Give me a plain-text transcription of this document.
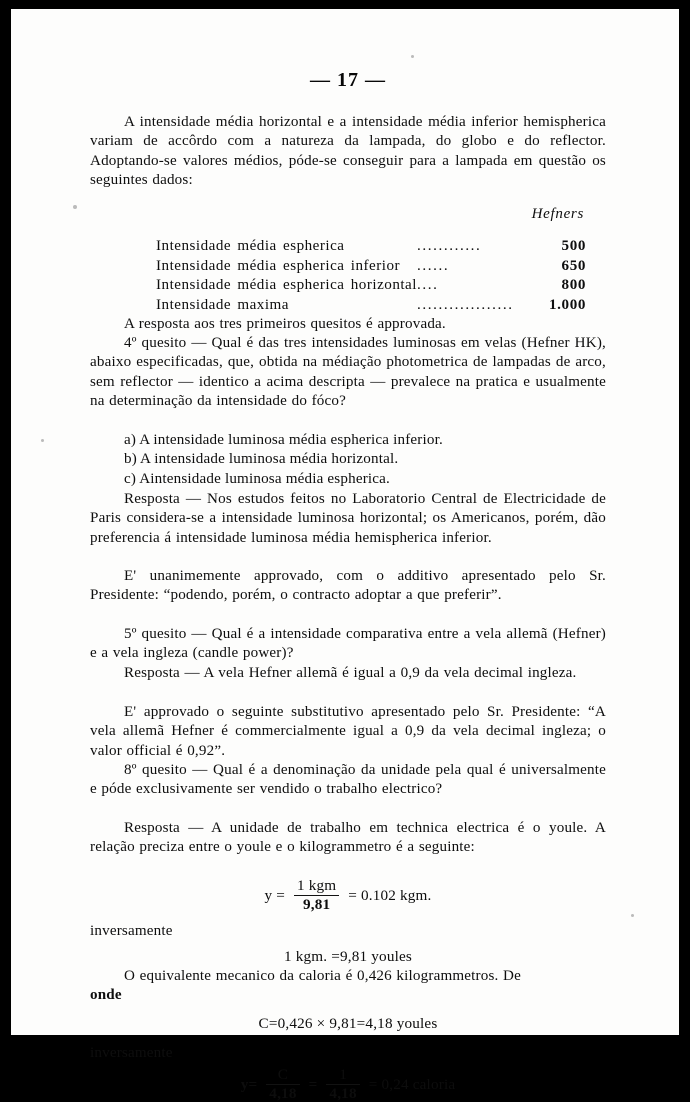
— 17 —

A intensidade média horizontal e a intensidade média inferior hemispherica variam de accôrdo com a natureza da lampada, do globo e do reflector. Adoptando-se valores médios, póde-se conseguir para a lampada em questão os seguintes dados:

Hefners
Intensidade média espherica	............	500
Intensidade média espherica inferior	......	650
Intensidade média espherica horizontal	....	800
Intensidade maxima	..................	1.000

A resposta aos tres primeiros quesitos é approvada.

4º quesito — Qual é das tres intensidades luminosas em velas (Hefner HK), abaixo especificadas, que, obtida na médiação photometrica de lampadas de arco, sem reflector — identico a acima descripta — prevalece na pratica e usualmente na determinação da intensidade do fóco?

a) A intensidade luminosa média espherica inferior.

b) A intensidade luminosa média horizontal.

c) Aintensidade luminosa média espherica.

Resposta — Nos estudos feitos no Laboratorio Central de Electricidade de Paris considera-se a intensidade luminosa horizontal; os Americanos, porém, dão preferencia á intensidade luminosa média hemispherica inferior.

E' unanimemente approvado, com o additivo apresentado pelo Sr. Presidente: “podendo, porém, o contracto adoptar a que preferir”.

5º quesito — Qual é a intensidade comparativa entre a vela allemã (Hefner) e a vela ingleza (candle power)?

Resposta — A vela Hefner allemã é igual a 0,9 da vela decimal ingleza.

E' approvado o seguinte substitutivo apresentado pelo Sr. Presidente: “A vela allemã Hefner é commercialmente igual a 0,9 da vela decimal ingleza; o valor official é 0,92”.

8º quesito — Qual é a denominação da unidade pela qual é universalmente e póde exclusivamente ser vendido o trabalho electrico?

Resposta — A unidade de trabalho em technica electrica é o youle. A relação preciza entre o youle e o kilogrammetro é a seguinte:

$y = \frac{\text{1 kgm}}{9,81} = 0.102$ kgm.

inversamente

1 kgm. =9,81 youles

O equivalente mecanico da caloria é 0,426 kilogrammetros. De

onde

C=0,426 × 9,81=4,18 youles

inversamente

$y= \frac{C}{4,18} = \frac{1}{4,18} = 0,24$ caloria
